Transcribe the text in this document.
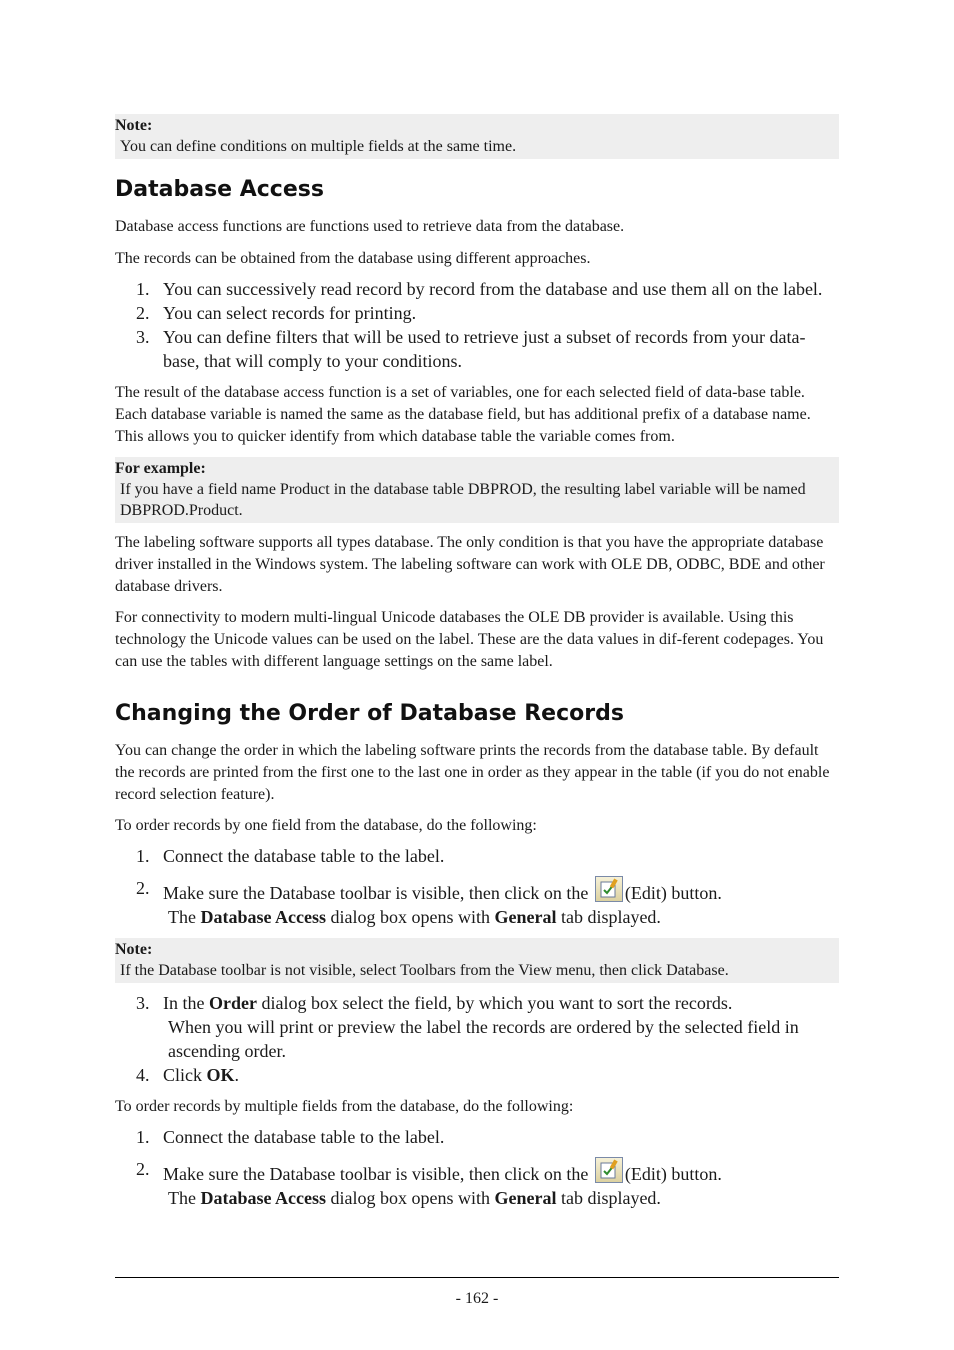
Note:
You can define conditions on multiple fields at the same time.
Database Access

Database access functions are functions used to retrieve data from the database.

The records can be obtained from the database using different approaches.

1. You can successively read record by record from the database and use them all on the label.
2. You can select records for printing.
3. You can define filters that will be used to retrieve just a subset of records from your data-base, that will comply to your conditions.

The result of the database access function is a set of variables, one for each selected field of data-base table. Each database variable is named the same as the database field, but has additional prefix of a database name. This allows you to quicker identify from which database table the variable comes from.

For example:
If you have a field name Product in the database table DBPROD, the resulting label variable will be named DBPROD.Product.

The labeling software supports all types database. The only condition is that you have the appropriate database driver installed in the Windows system. The labeling software can work with OLE DB, ODBC, BDE and other database drivers.

For connectivity to modern multi-lingual Unicode databases the OLE DB provider is available. Using this technology the Unicode values can be used on the label. These are the data values in dif-ferent codepages. You can use the tables with different language settings on the same label.

Changing the Order of Database Records

You can change the order in which the labeling software prints the records from the database table. By default the records are printed from the first one to the last one in order as they appear in the table (if you do not enable record selection feature).

To order records by one field from the database, do the following:

1. Connect the database table to the label.
2. Make sure the Database toolbar is visible, then click on the (Edit) button.
The Database Access dialog box opens with General tab displayed.
Note:
If the Database toolbar is not visible, select Toolbars from the View menu, then click Database.
3. In the Order dialog box select the field, by which you want to sort the records.
When you will print or preview the label the records are ordered by the selected field in ascending order.
4. Click OK.

To order records by multiple fields from the database, do the following:

1. Connect the database table to the label.
2. Make sure the Database toolbar is visible, then click on the (Edit) button.
The Database Access dialog box opens with General tab displayed.
- 162 -
